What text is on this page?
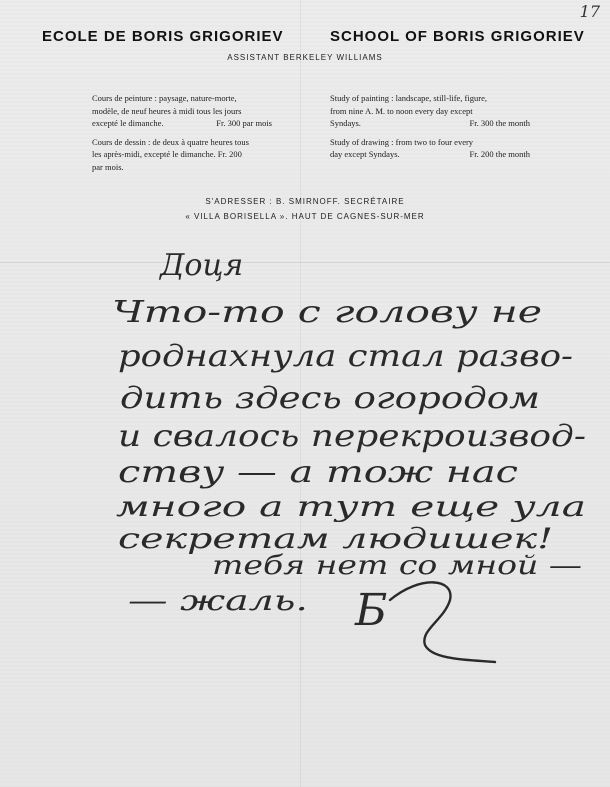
17
ECOLE DE BORIS GRIGORIEV	SCHOOL OF BORIS GRIGORIEV
ASSISTANT BERKELEY WILLIAMS
Cours de peinture : paysage, nature-morte,
modèle, de neuf heures à midi tous les jours
excepté le dimanche.	Fr. 300 par mois
Cours de dessin : de deux à quatre heures tous
les après-midi, excepté le dimanche. Fr. 200
par mois.
Study of painting : landscape, still-life, figure,
from nine A. M. to noon every day except
Syndays.	Fr. 300 the month
Study of drawing : from two to four every
day except Syndays.	Fr. 200 the month
S'ADRESSER : B. SMIRNOFF. SECRÉTAIRE
« VILLA BORISELLA ». HAUT DE CAGNES-SUR-MER
Доця
Что-то с голову не
роднахнула стал разво-
дить здесь огородом
и свалось перекроизвод-
ству — а тож нас
много а тут еще ула
секретам людишек!
тебя нет со мной —
— жаль. Б
